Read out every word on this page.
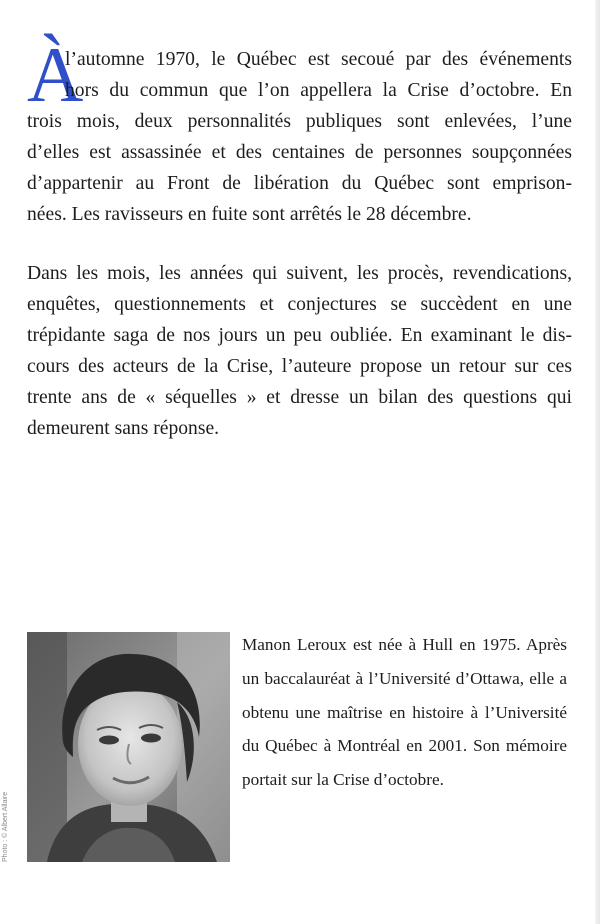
À
l’automne 1970, le Québec est secoué par des événements
hors du commun que l’on appellera la Crise d’octobre. En
trois mois, deux personnalités publiques sont enlevées, l’une
d’elles est assassinée et des centaines de personnes soupçonnées
d’appartenir au Front de libération du Québec sont emprison-
nées. Les ravisseurs en fuite sont arrêtés le 28 décembre.
Dans les mois, les années qui suivent, les procès, revendications,
enquêtes, questionnements et conjectures se succèdent en une
trépidante saga de nos jours un peu oubliée. En examinant le dis-
cours des acteurs de la Crise, l’auteure propose un retour sur ces
trente ans de « séquelles » et dresse un bilan des questions qui
demeurent sans réponse.
Photo : © Albert Allaire
Manon Leroux est née à Hull en 1975. Après
un baccalauréat à l’Université d’Ottawa, elle a
obtenu une maîtrise en histoire à l’Université
du Québec à Montréal en 2001. Son mémoire
portait sur la Crise d’octobre.
